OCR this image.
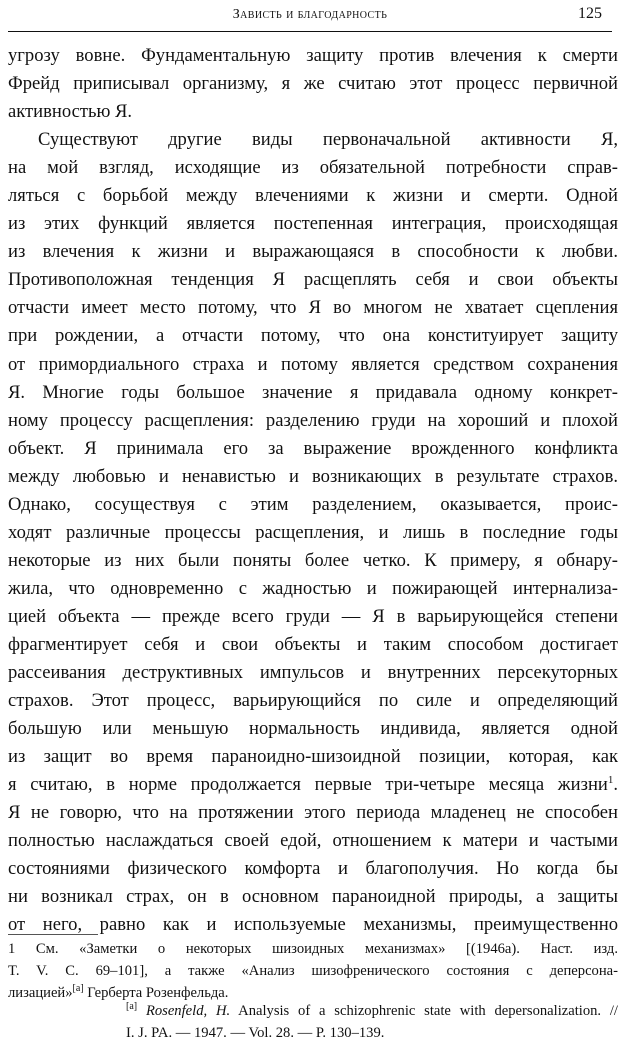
Зависть и благодарность	125
угрозу вовне. Фундаментальную защиту против влечения к смерти
Фрейд приписывал организму, я же считаю этот процесс первичной
активностью Я.
Существуют другие виды первоначальной активности Я,
на мой взгляд, исходящие из обязательной потребности справ-
ляться с борьбой между влечениями к жизни и смерти. Одной
из этих функций является постепенная интеграция, происходящая
из влечения к жизни и выражающаяся в способности к любви.
Противоположная тенденция Я расщеплять себя и свои объекты
отчасти имеет место потому, что Я во многом не хватает сцепления
при рождении, а отчасти потому, что она конституирует защиту
от примордиального страха и потому является средством сохранения
Я. Многие годы большое значение я придавала одному конкрет-
ному процессу расщепления: разделению груди на хороший и плохой
объект. Я принимала его за выражение врожденного конфликта
между любовью и ненавистью и возникающих в результате страхов.
Однако, сосуществуя с этим разделением, оказывается, проис-
ходят различные процессы расщепления, и лишь в последние годы
некоторые из них были поняты более четко. К примеру, я обнару-
жила, что одновременно с жадностью и пожирающей интернализа-
цией объекта — прежде всего груди — Я в варьирующейся степени
фрагментирует себя и свои объекты и таким способом достигает
рассеивания деструктивных импульсов и внутренних персекуторных
страхов. Этот процесс, варьирующийся по силе и определяющий
большую или меньшую нормальность индивида, является одной
из защит во время параноидно-шизоидной позиции, которая, как
я считаю, в норме продолжается первые три-четыре месяца жизни$^1$.
Я не говорю, что на протяжении этого периода младенец не способен
полностью наслаждаться своей едой, отношением к матери и частыми
состояниями физического комфорта и благополучия. Но когда бы
ни возникал страх, он в основном параноидной природы, а защиты
от него, равно как и используемые механизмы, преимущественно
1 См. «Заметки о некоторых шизоидных механизмах» [(1946a). Наст. изд.
T. V. C. 69–101], а также «Анализ шизофренического состояния с деперсона-
лизацией»[a] Герберта Розенфельда.
[a] Rosenfeld, H. Analysis of a schizophrenic state with depersonalization. //
I. J. PA. — 1947. — Vol. 28. — P. 130–139.
